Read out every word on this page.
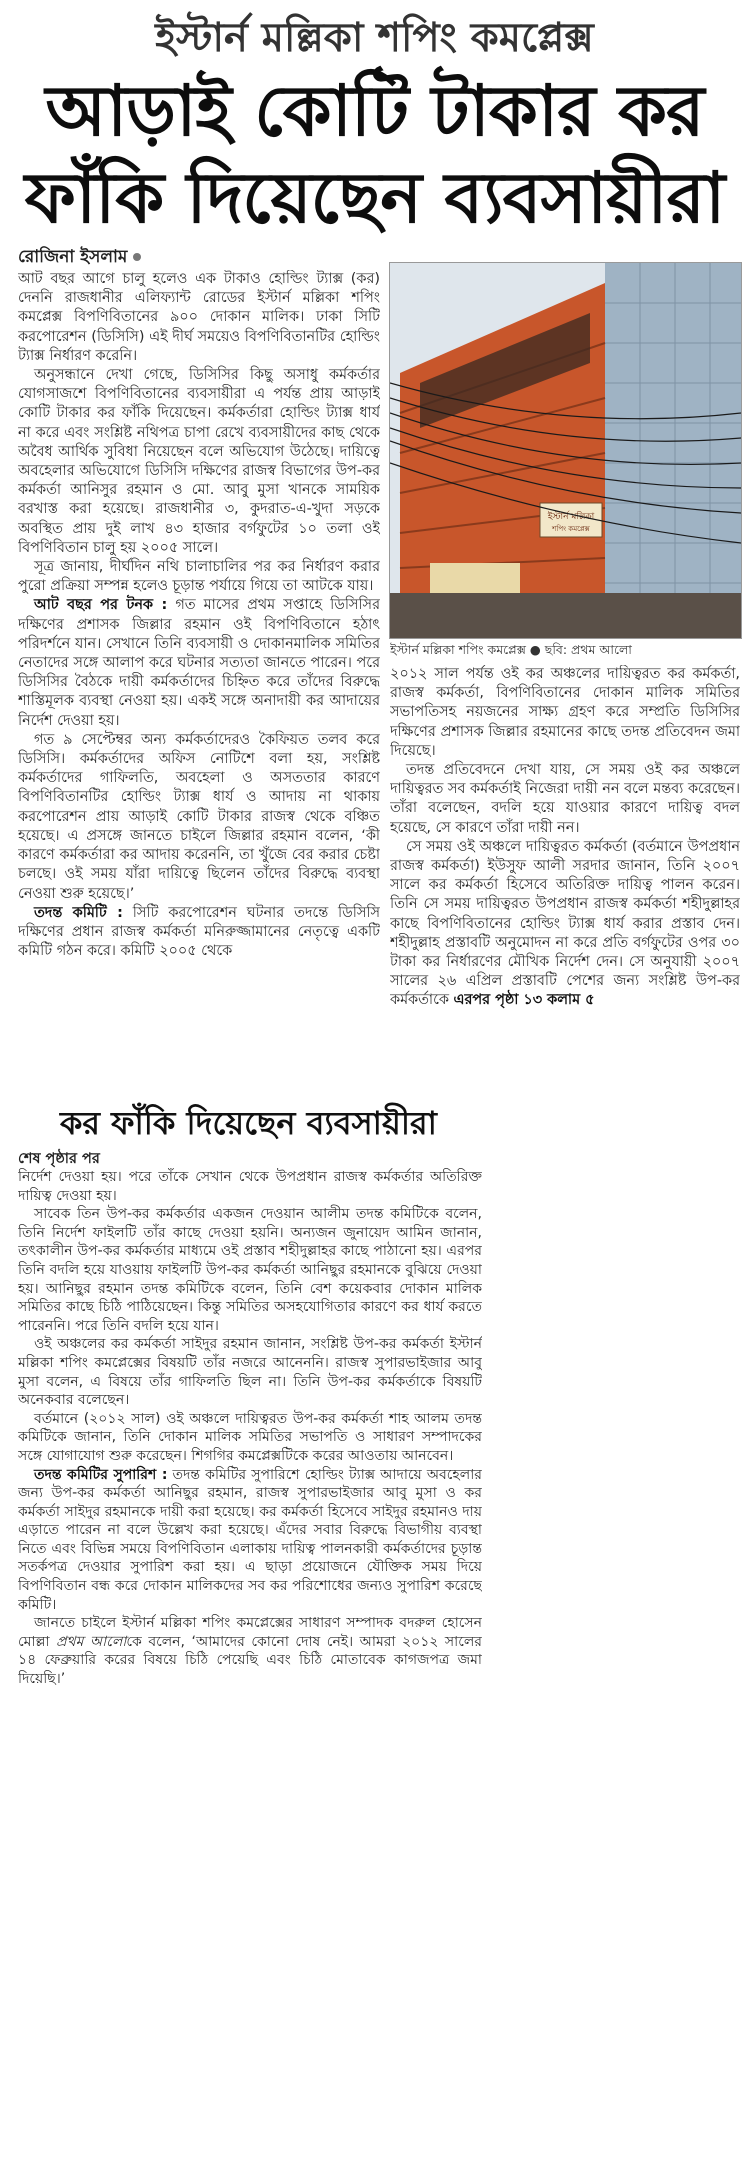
ইস্টার্ন মল্লিকা শপিং কমপ্লেক্স
আড়াই কোটি টাকার কর
ফাঁকি দিয়েছেন ব্যবসায়ীরা
রোজিনা ইসলাম

আট বছর আগে চালু হলেও এক টাকাও হোল্ডিং ট্যাক্স (কর) দেননি রাজধানীর এলিফ্যান্ট রোডের ইস্টার্ন মল্লিকা শপিং কমপ্লেক্স বিপণিবিতানের ৯০০ দোকান মালিক। ঢাকা সিটি করপোরেশন (ডিসিসি) এই দীর্ঘ সময়েও বিপণিবিতানটির হোল্ডিং ট্যাক্স নির্ধারণ করেনি।

অনুসন্ধানে দেখা গেছে, ডিসিসির কিছু অসাধু কর্মকর্তার যোগসাজশে বিপণিবিতানের ব্যবসায়ীরা এ পর্যন্ত প্রায় আড়াই কোটি টাকার কর ফাঁকি দিয়েছেন। কর্মকর্তারা হোল্ডিং ট্যাক্স ধার্য না করে এবং সংশ্লিষ্ট নথিপত্র চাপা রেখে ব্যবসায়ীদের কাছ থেকে অবৈধ আর্থিক সুবিধা নিয়েছেন বলে অভিযোগ উঠেছে। দায়িত্বে অবহেলার অভিযোগে ডিসিসি দক্ষিণের রাজস্ব বিভাগের উপ-কর কর্মকর্তা আনিসুর রহমান ও মো. আবু মুসা খানকে সাময়িক বরখাস্ত করা হয়েছে। রাজধানীর ৩, কুদরাত-এ-খুদা সড়কে অবস্থিত প্রায় দুই লাখ ৪৩ হাজার বর্গফুটের ১০ তলা ওই বিপণিবিতান চালু হয় ২০০৫ সালে।

সূত্র জানায়, দীর্ঘদিন নথি চালাচালির পর কর নির্ধারণ করার পুরো প্রক্রিয়া সম্পন্ন হলেও চূড়ান্ত পর্যায়ে গিয়ে তা আটকে যায়।

আট বছর পর টনক : গত মাসের প্রথম সপ্তাহে ডিসিসির দক্ষিণের প্রশাসক জিল্লার রহমান ওই বিপণিবিতানে হঠাৎ পরিদর্শনে যান। সেখানে তিনি ব্যবসায়ী ও দোকানমালিক সমিতির নেতাদের সঙ্গে আলাপ করে ঘটনার সত্যতা জানতে পারেন। পরে ডিসিসির বৈঠকে দায়ী কর্মকর্তাদের চিহ্নিত করে তাঁদের বিরুদ্ধে শাস্তিমূলক ব্যবস্থা নেওয়া হয়। একই সঙ্গে অনাদায়ী কর আদায়ের নির্দেশ দেওয়া হয়।

গত ৯ সেপ্টেম্বর অন্য কর্মকর্তাদেরও কৈফিয়ত তলব করে ডিসিসি। কর্মকর্তাদের অফিস নোটিশে বলা হয়, সংশ্লিষ্ট কর্মকর্তাদের গাফিলতি, অবহেলা ও অসততার কারণে বিপণিবিতানটির হোল্ডিং ট্যাক্স ধার্য ও আদায় না থাকায় করপোরেশন প্রায় আড়াই কোটি টাকার রাজস্ব থেকে বঞ্চিত হয়েছে। এ প্রসঙ্গে জানতে চাইলে জিল্লার রহমান বলেন, ‘কী কারণে কর্মকর্তারা কর আদায় করেননি, তা খুঁজে বের করার চেষ্টা চলছে। ওই সময় যাঁরা দায়িত্বে ছিলেন তাঁদের বিরুদ্ধে ব্যবস্থা নেওয়া শুরু হয়েছে।’

তদন্ত কমিটি : সিটি করপোরেশন ঘটনার তদন্তে ডিসিসি দক্ষিণের প্রধান রাজস্ব কর্মকর্তা মনিরুজ্জামানের নেতৃত্বে একটি কমিটি গঠন করে। কমিটি ২০০৫ থেকে

ইস্টার্ন মল্লিকা
শপিং কমপ্লেক্স
ইস্টার্ন মল্লিকা শপিং কমপ্লেক্স ● ছবি: প্রথম আলো

২০১২ সাল পর্যন্ত ওই কর অঞ্চলের দায়িত্বরত কর কর্মকর্তা, রাজস্ব কর্মকর্তা, বিপণিবিতানের দোকান মালিক সমিতির সভাপতিসহ নয়জনের সাক্ষ্য গ্রহণ করে সম্প্রতি ডিসিসির দক্ষিণের প্রশাসক জিল্লার রহমানের কাছে তদন্ত প্রতিবেদন জমা দিয়েছে।

তদন্ত প্রতিবেদনে দেখা যায়, সে সময় ওই কর অঞ্চলে দায়িত্বরত সব কর্মকর্তাই নিজেরা দায়ী নন বলে মন্তব্য করেছেন। তাঁরা বলেছেন, বদলি হয়ে যাওয়ার কারণে দায়িত্ব বদল হয়েছে, সে কারণে তাঁরা দায়ী নন।

সে সময় ওই অঞ্চলে দায়িত্বরত কর্মকর্তা (বর্তমানে উপপ্রধান রাজস্ব কর্মকর্তা) ইউসুফ আলী সরদার জানান, তিনি ২০০৭ সালে কর কর্মকর্তা হিসেবে অতিরিক্ত দায়িত্ব পালন করেন। তিনি সে সময় দায়িত্বরত উপপ্রধান রাজস্ব কর্মকর্তা শহীদুল্লাহর কাছে বিপণিবিতানের হোল্ডিং ট্যাক্স ধার্য করার প্রস্তাব দেন। শহীদুল্লাহ প্রস্তাবটি অনুমোদন না করে প্রতি বর্গফুটের ওপর ৩০ টাকা কর নির্ধারণের মৌখিক নির্দেশ দেন। সে অনুযায়ী ২০০৭ সালের ২৬ এপ্রিল প্রস্তাবটি পেশের জন্য সংশ্লিষ্ট উপ-কর কর্মকর্তাকে এরপর পৃষ্ঠা ১৩ কলাম ৫

কর ফাঁকি দিয়েছেন ব্যবসায়ীরা
শেষ পৃষ্ঠার পর

নির্দেশ দেওয়া হয়। পরে তাঁকে সেখান থেকে উপপ্রধান রাজস্ব কর্মকর্তার অতিরিক্ত দায়িত্ব দেওয়া হয়।

সাবেক তিন উপ-কর কর্মকর্তার একজন দেওয়ান আলীম তদন্ত কমিটিকে বলেন, তিনি নির্দেশ ফাইলটি তাঁর কাছে দেওয়া হয়নি। অন্যজন জুনায়েদ আমিন জানান, তৎকালীন উপ-কর কর্মকর্তার মাধ্যমে ওই প্রস্তাব শহীদুল্লাহর কাছে পাঠানো হয়। এরপর তিনি বদলি হয়ে যাওয়ায় ফাইলটি উপ-কর কর্মকর্তা আনিছুর রহমানকে বুঝিয়ে দেওয়া হয়। আনিছুর রহমান তদন্ত কমিটিকে বলেন, তিনি বেশ কয়েকবার দোকান মালিক সমিতির কাছে চিঠি পাঠিয়েছেন। কিন্তু সমিতির অসহযোগিতার কারণে কর ধার্য করতে পারেননি। পরে তিনি বদলি হয়ে যান।

ওই অঞ্চলের কর কর্মকর্তা সাইদুর রহমান জানান, সংশ্লিষ্ট উপ-কর কর্মকর্তা ইস্টার্ন মল্লিকা শপিং কমপ্লেক্সের বিষয়টি তাঁর নজরে আনেননি। রাজস্ব সুপারভাইজার আবু মুসা বলেন, এ বিষয়ে তাঁর গাফিলতি ছিল না। তিনি উপ-কর কর্মকর্তাকে বিষয়টি অনেকবার বলেছেন।

বর্তমানে (২০১২ সাল) ওই অঞ্চলে দায়িত্বরত উপ-কর কর্মকর্তা শাহ আলম তদন্ত কমিটিকে জানান, তিনি দোকান মালিক সমিতির সভাপতি ও সাধারণ সম্পাদকের সঙ্গে যোগাযোগ শুরু করেছেন। শিগগির কমপ্লেক্সটিকে করের আওতায় আনবেন।

তদন্ত কমিটির সুপারিশ : তদন্ত কমিটির সুপারিশে হোল্ডিং ট্যাক্স আদায়ে অবহেলার জন্য উপ-কর কর্মকর্তা আনিছুর রহমান, রাজস্ব সুপারভাইজার আবু মুসা ও কর কর্মকর্তা সাইদুর রহমানকে দায়ী করা হয়েছে। কর কর্মকর্তা হিসেবে সাইদুর রহমানও দায় এড়াতে পারেন না বলে উল্লেখ করা হয়েছে। এঁদের সবার বিরুদ্ধে বিভাগীয় ব্যবস্থা নিতে এবং বিভিন্ন সময়ে বিপণিবিতান এলাকায় দায়িত্ব পালনকারী কর্মকর্তাদের চূড়ান্ত সতর্কপত্র দেওয়ার সুপারিশ করা হয়। এ ছাড়া প্রয়োজনে যৌক্তিক সময় দিয়ে বিপণিবিতান বন্ধ করে দোকান মালিকদের সব কর পরিশোধের জন্যও সুপারিশ করেছে কমিটি।

জানতে চাইলে ইস্টার্ন মল্লিকা শপিং কমপ্লেক্সের সাধারণ সম্পাদক বদরুল হোসেন মোল্লা প্রথম আলোকে বলেন, ‘আমাদের কোনো দোষ নেই। আমরা ২০১২ সালের ১৪ ফেব্রুয়ারি করের বিষয়ে চিঠি পেয়েছি এবং চিঠি মোতাবেক কাগজপত্র জমা দিয়েছি।’
